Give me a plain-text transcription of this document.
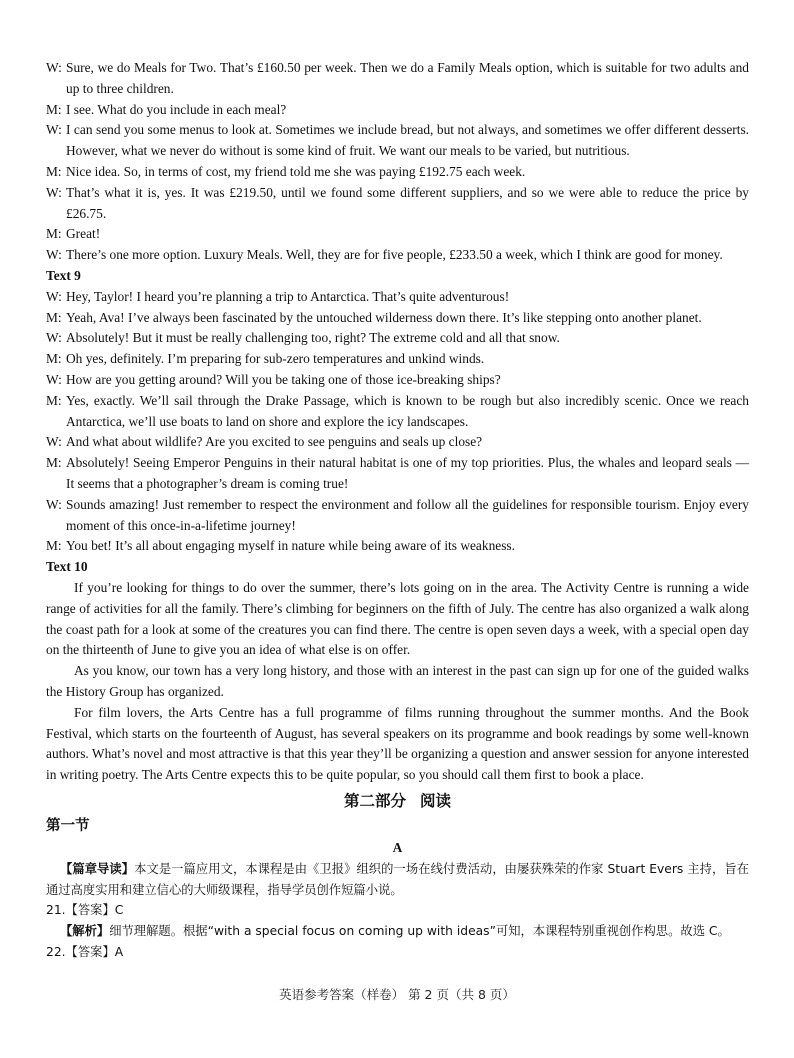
W: Sure, we do Meals for Two. That’s £160.50 per week. Then we do a Family Meals option, which is suitable for two adults and up to three children.
M: I see. What do you include in each meal?
W: I can send you some menus to look at. Sometimes we include bread, but not always, and sometimes we offer different desserts. However, what we never do without is some kind of fruit. We want our meals to be varied, but nutritious.
M: Nice idea. So, in terms of cost, my friend told me she was paying £192.75 each week.
W: That’s what it is, yes. It was £219.50, until we found some different suppliers, and so we were able to reduce the price by £26.75.
M: Great!
W: There’s one more option. Luxury Meals. Well, they are for five people, £233.50 a week, which I think are good for money.
Text 9
W: Hey, Taylor! I heard you’re planning a trip to Antarctica. That’s quite adventurous!
M: Yeah, Ava! I’ve always been fascinated by the untouched wilderness down there. It’s like stepping onto another planet.
W: Absolutely! But it must be really challenging too, right? The extreme cold and all that snow.
M: Oh yes, definitely. I’m preparing for sub-zero temperatures and unkind winds.
W: How are you getting around? Will you be taking one of those ice-breaking ships?
M: Yes, exactly. We’ll sail through the Drake Passage, which is known to be rough but also incredibly scenic. Once we reach Antarctica, we’ll use boats to land on shore and explore the icy landscapes.
W: And what about wildlife? Are you excited to see penguins and seals up close?
M: Absolutely! Seeing Emperor Penguins in their natural habitat is one of my top priorities. Plus, the whales and leopard seals —It seems that a photographer’s dream is coming true!
W: Sounds amazing! Just remember to respect the environment and follow all the guidelines for responsible tourism. Enjoy every moment of this once-in-a-lifetime journey!
M: You bet! It’s all about engaging myself in nature while being aware of its weakness.
Text 10
If you’re looking for things to do over the summer, there’s lots going on in the area. The Activity Centre is running a wide range of activities for all the family. There’s climbing for beginners on the fifth of July. The centre has also organized a walk along the coast path for a look at some of the creatures you can find there. The centre is open seven days a week, with a special open day on the thirteenth of June to give you an idea of what else is on offer.
As you know, our town has a very long history, and those with an interest in the past can sign up for one of the guided walks the History Group has organized.
For film lovers, the Arts Centre has a full programme of films running throughout the summer months. And the Book Festival, which starts on the fourteenth of August, has several speakers on its programme and book readings by some well-known authors. What’s novel and most attractive is that this year they’ll be organizing a question and answer session for anyone interested in writing poetry. The Arts Centre expects this to be quite popular, so you should call them first to book a place.
第二部分 阅读
第一节
A
【篇章导读】本文是一篇应用文，本课程是由《卫报》组织的一场在线付费活动，由屡获殊荣的作家 Stuart Evers 主持，旨在通过高度实用和建立信心的大师级课程，指导学员创作短篇小说。
21.【答案】C
【解析】细节理解题。根据“with a special focus on coming up with ideas”可知，本课程特别重视创作构思。故选 C。
22.【答案】A
英语参考答案（样卷） 第 2 页（共 8 页）
